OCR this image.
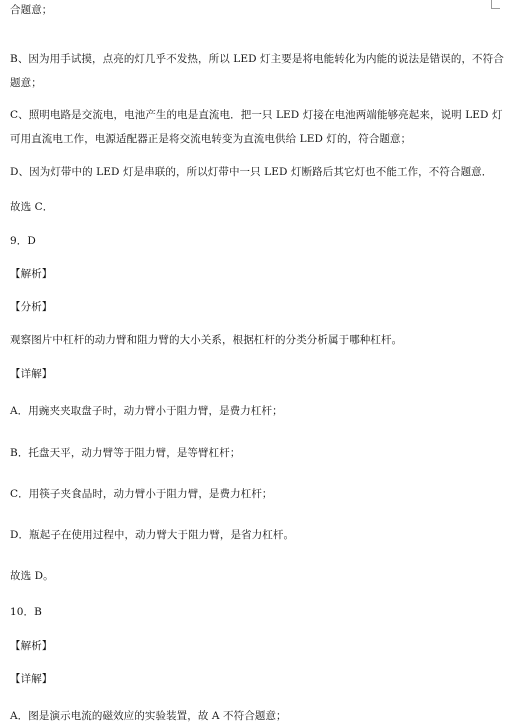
合题意；
B、因为用手试摸，点亮的灯几乎不发热，所以 LED 灯主要是将电能转化为内能的说法是错误的，不符合
题意；
C、照明电路是交流电，电池产生的电是直流电．把一只 LED 灯接在电池两端能够亮起来，说明 LED 灯
可用直流电工作，电源适配器正是将交流电转变为直流电供给 LED 灯的，符合题意；
D、因为灯带中的 LED 灯是串联的，所以灯带中一只 LED 灯断路后其它灯也不能工作，不符合题意．
故选 C．
9．D
【解析】
【分析】
观察图片中杠杆的动力臂和阻力臂的大小关系，根据杠杆的分类分析属于哪种杠杆。
【详解】
A．用豌夹夹取盘子时，动力臂小于阻力臂，是费力杠杆；
B．托盘天平，动力臂等于阻力臂，是等臂杠杆；
C．用筷子夹食品时，动力臂小于阻力臂，是费力杠杆；
D．瓶起子在使用过程中，动力臂大于阻力臂，是省力杠杆。
故选 D。
10．B
【解析】
【详解】
A．图是演示电流的磁效应的实验装置，故 A 不符合题意；
